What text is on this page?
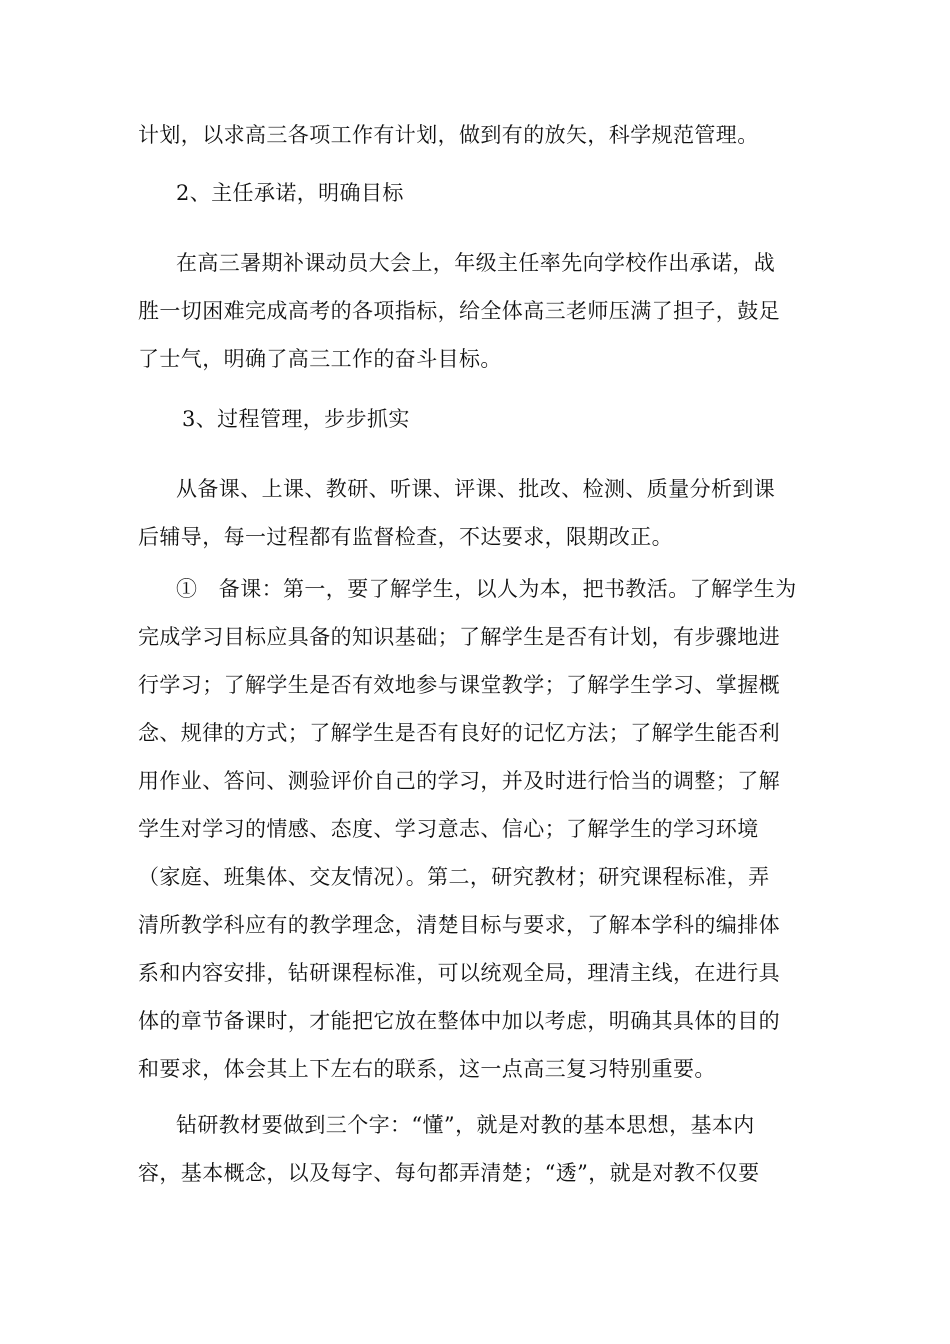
计划，以求高三各项工作有计划，做到有的放矢，科学规范管理。
2、主任承诺，明确目标
在高三暑期补课动员大会上，年级主任率先向学校作出承诺，战
胜一切困难完成高考的各项指标，给全体高三老师压满了担子，鼓足
了士气，明确了高三工作的奋斗目标。
3、过程管理，步步抓实
从备课、上课、教研、听课、评课、批改、检测、质量分析到课
后辅导，每一过程都有监督检查，不达要求，限期改正。
①　备课：第一，要了解学生，以人为本，把书教活。了解学生为
完成学习目标应具备的知识基础；了解学生是否有计划，有步骤地进
行学习；了解学生是否有效地参与课堂教学；了解学生学习、掌握概
念、规律的方式；了解学生是否有良好的记忆方法；了解学生能否利
用作业、答问、测验评价自己的学习，并及时进行恰当的调整；了解
学生对学习的情感、态度、学习意志、信心；了解学生的学习环境
（家庭、班集体、交友情况）。第二，研究教材；研究课程标准，弄
清所教学科应有的教学理念，清楚目标与要求，了解本学科的编排体
系和内容安排，钻研课程标准，可以统观全局，理清主线，在进行具
体的章节备课时，才能把它放在整体中加以考虑，明确其具体的目的
和要求，体会其上下左右的联系，这一点高三复习特别重要。
钻研教材要做到三个字：“懂”，就是对教的基本思想，基本内
容，基本概念，以及每字、每句都弄清楚；“透”，就是对教不仅要
